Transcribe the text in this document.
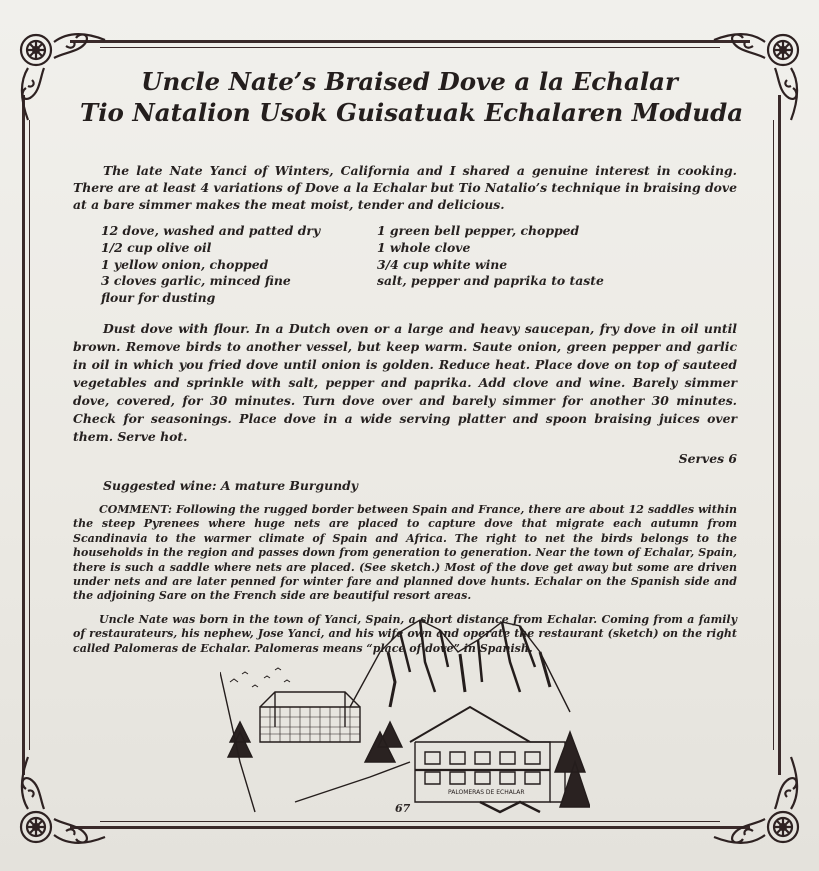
Uncle Nate’s Braised Dove a la Echalar
Tio Natalion Usok Guisatuak Echalaren Moduda

The late Nate Yanci of Winters, California and I shared a genuine interest in cooking. There are at least 4 variations of Dove a la Echalar but Tio Natalio’s technique in braising dove at a bare simmer makes the meat moist, tender and delicious.

12 dove, washed and patted dry
1/2 cup olive oil
1 yellow onion, chopped
3 cloves garlic, minced fine
flour for dusting
1 green bell pepper, chopped
1 whole clove
3/4 cup white wine
salt, pepper and paprika to taste

Dust dove with flour. In a Dutch oven or a large and heavy saucepan, fry dove in oil until brown. Remove birds to another vessel, but keep warm. Saute onion, green pepper and garlic in oil in which you fried dove until onion is golden. Reduce heat. Place dove on top of sauteed vegetables and sprinkle with salt, pepper and paprika. Add clove and wine. Barely simmer dove, covered, for 30 minutes. Turn dove over and barely simmer for another 30 minutes. Check for seasonings. Place dove in a wide serving platter and spoon braising juices over them. Serve hot.

Serves 6
Suggested wine: A mature Burgundy

COMMENT: Following the rugged border between Spain and France, there are about 12 saddles within the steep Pyrenees where huge nets are placed to capture dove that migrate each autumn from Scandinavia to the warmer climate of Spain and Africa. The right to net the birds belongs to the households in the region and passes down from generation to generation. Near the town of Echalar, Spain, there is such a saddle where nets are placed. (See sketch.) Most of the dove get away but some are driven under nets and are later penned for winter fare and planned dove hunts. Echalar on the Spanish side and the adjoining Sare on the French side are beautiful resort areas.

Uncle Nate was born in the town of Yanci, Spain, a short distance from Echalar. Coming from a family of restaurateurs, his nephew, Jose Yanci, and his wife own and operate the restaurant (sketch) on the right called Palomeras de Echalar. Palomeras means “place of dove” in Spanish.

PALOMERAS DE ECHALAR
67
